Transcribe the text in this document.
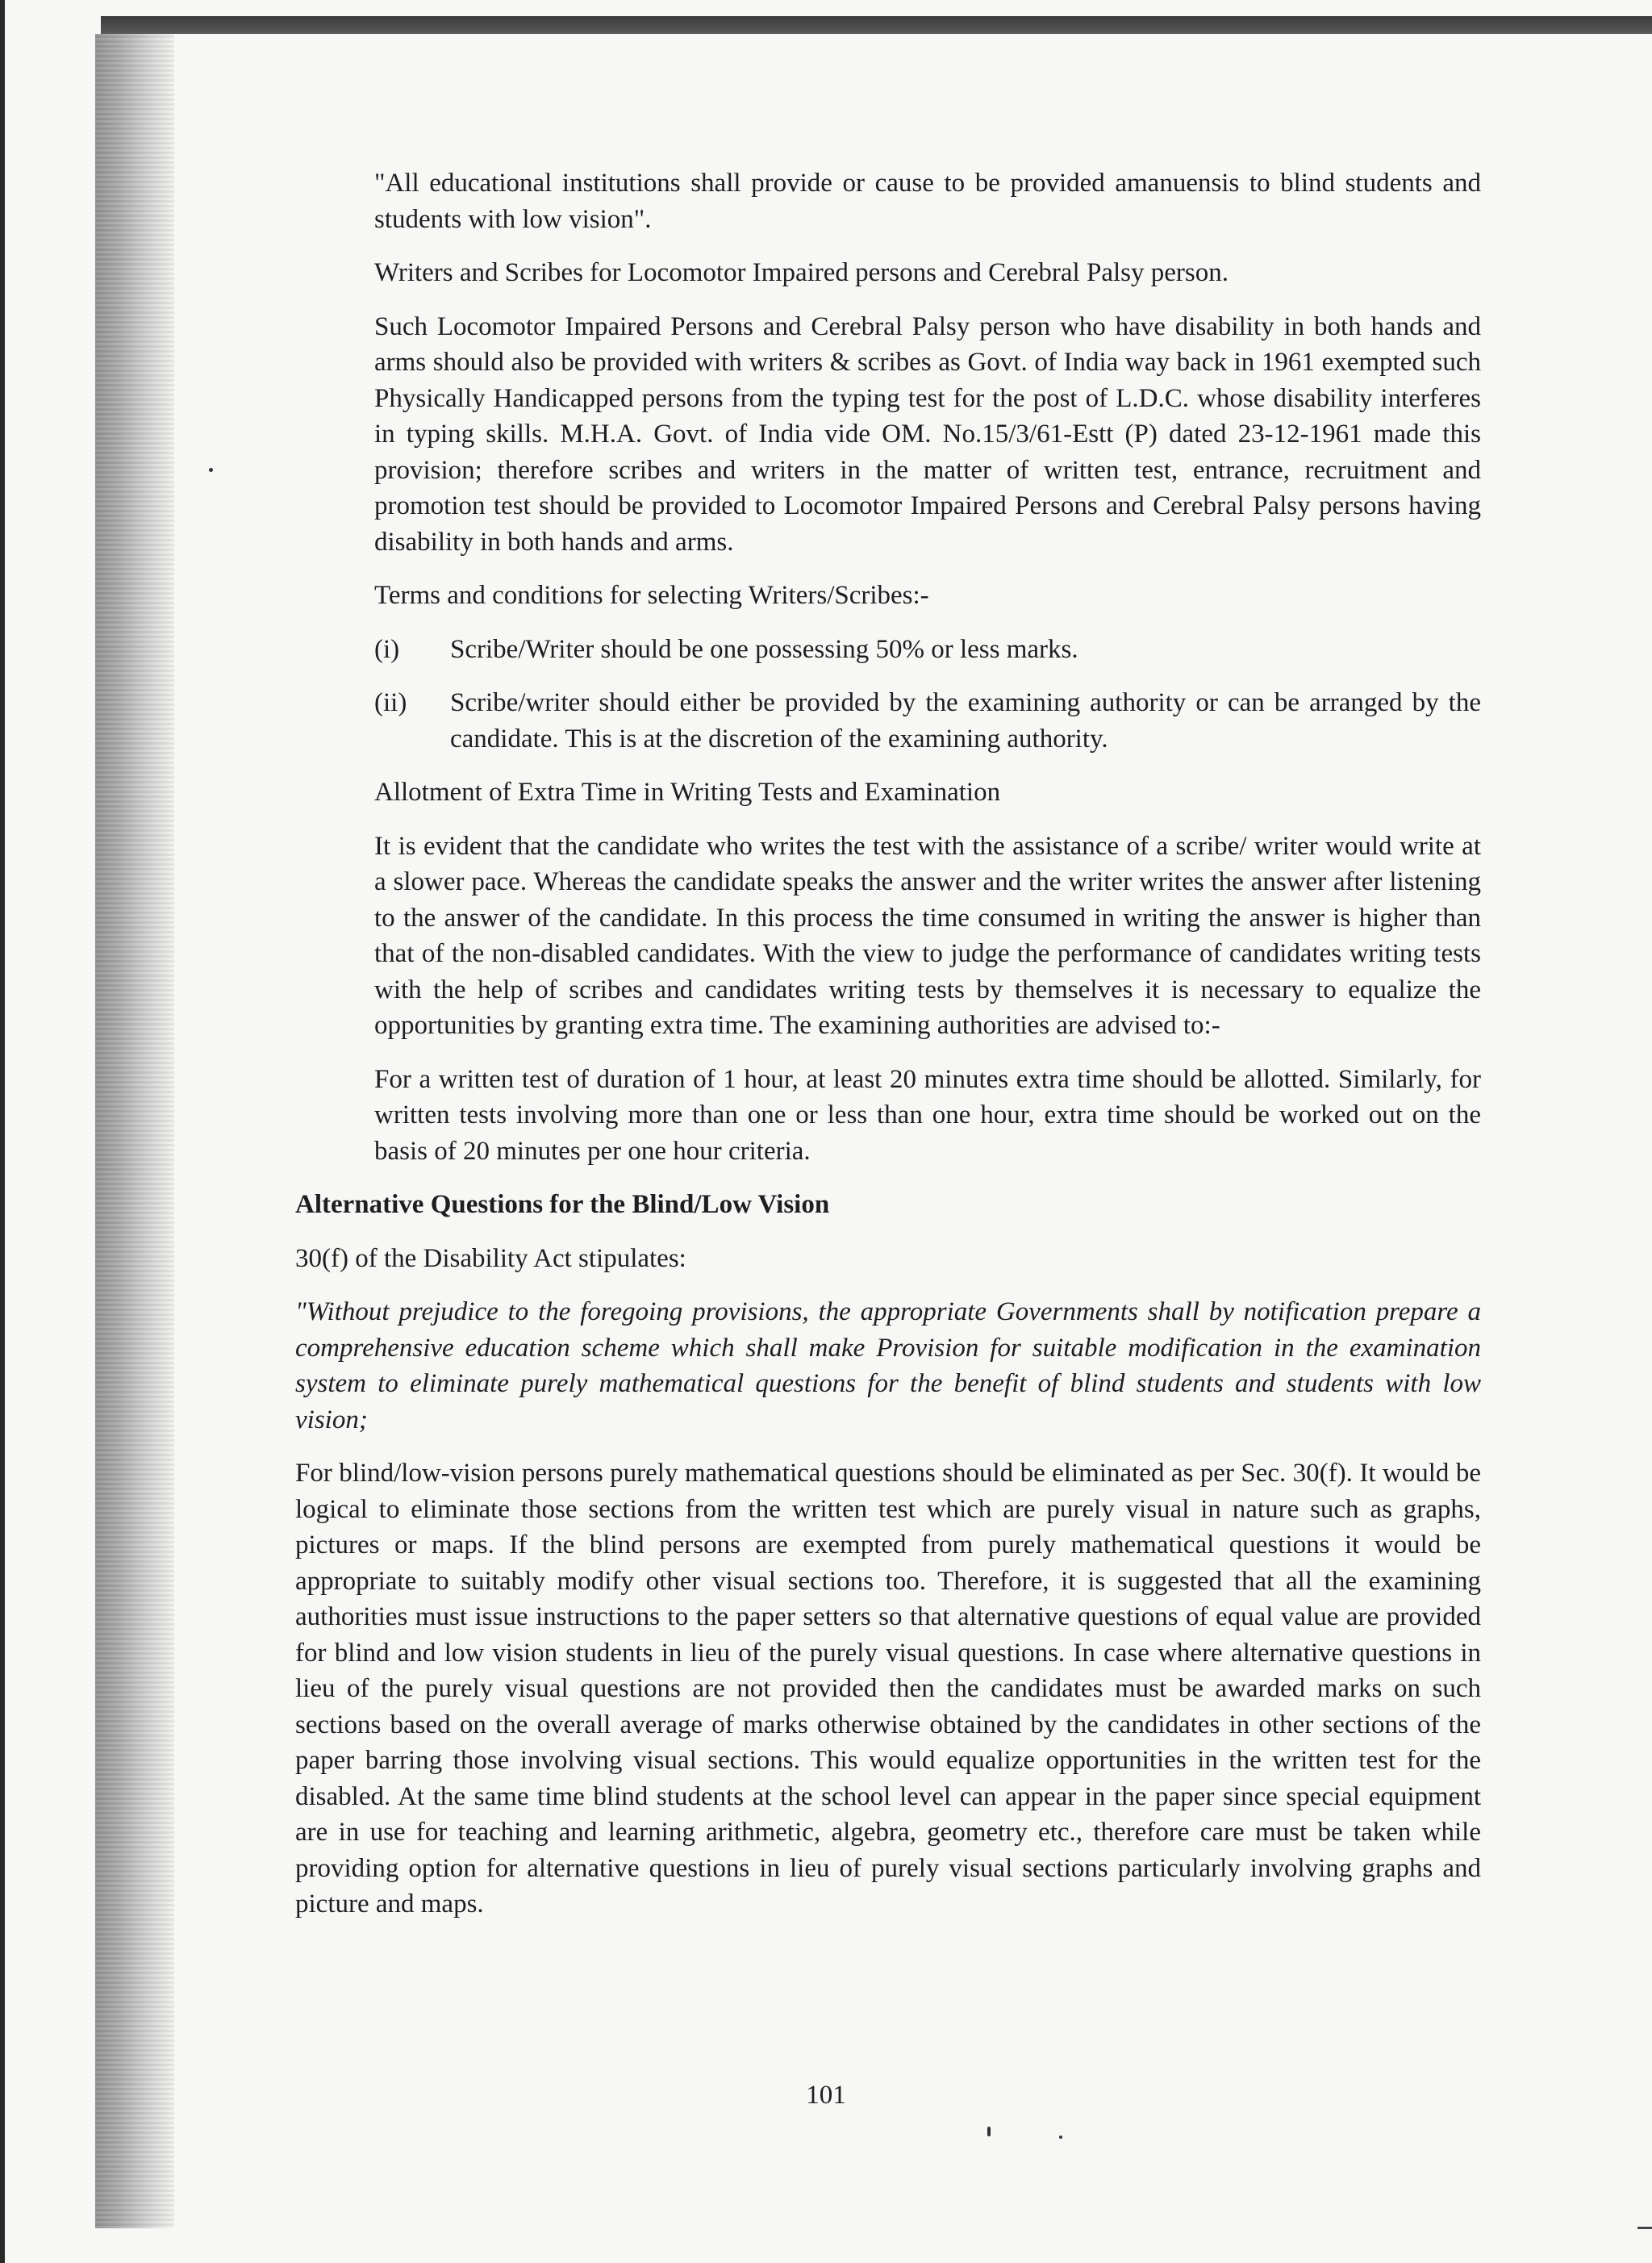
"All educational institutions shall provide or cause to be provided amanuensis to blind students and students with low vision".

Writers and Scribes for Locomotor Impaired persons and Cerebral Palsy person.

Such Locomotor Impaired Persons and Cerebral Palsy person who have disability in both hands and arms should also be provided with writers & scribes as Govt. of India way back in 1961 exempted such Physically Handicapped persons from the typing test for the post of L.D.C. whose disability interferes in typing skills. M.H.A. Govt. of India vide OM. No.15/3/61-Estt (P) dated 23-12-1961 made this provision; therefore scribes and writers in the matter of written test, entrance, recruitment and promotion test should be provided to Locomotor Impaired Persons and Cerebral Palsy persons having disability in both hands and arms.

Terms and conditions for selecting Writers/Scribes:-

(i) Scribe/Writer should be one possessing 50% or less marks.
(ii) Scribe/writer should either be provided by the examining authority or can be arranged by the candidate. This is at the discretion of the examining authority.

Allotment of Extra Time in Writing Tests and Examination

It is evident that the candidate who writes the test with the assistance of a scribe/ writer would write at a slower pace. Whereas the candidate speaks the answer and the writer writes the answer after listening to the answer of the candidate. In this process the time consumed in writing the answer is higher than that of the non-disabled candidates. With the view to judge the performance of candidates writing tests with the help of scribes and candidates writing tests by themselves it is necessary to equalize the opportunities by granting extra time. The examining authorities are advised to:-

For a written test of duration of 1 hour, at least 20 minutes extra time should be allotted. Similarly, for written tests involving more than one or less than one hour, extra time should be worked out on the basis of 20 minutes per one hour criteria.

Alternative Questions for the Blind/Low Vision

30(f) of the Disability Act stipulates:

"Without prejudice to the foregoing provisions, the appropriate Governments shall by notification prepare a comprehensive education scheme which shall make Provision for suitable modification in the examination system to eliminate purely mathematical questions for the benefit of blind students and students with low vision;

For blind/low-vision persons purely mathematical questions should be eliminated as per Sec. 30(f). It would be logical to eliminate those sections from the written test which are purely visual in nature such as graphs, pictures or maps. If the blind persons are exempted from purely mathematical questions it would be appropriate to suitably modify other visual sections too. Therefore, it is suggested that all the examining authorities must issue instructions to the paper setters so that alternative questions of equal value are provided for blind and low vision students in lieu of the purely visual questions. In case where alternative questions in lieu of the purely visual questions are not provided then the candidates must be awarded marks on such sections based on the overall average of marks otherwise obtained by the candidates in other sections of the paper barring those involving visual sections. This would equalize opportunities in the written test for the disabled. At the same time blind students at the school level can appear in the paper since special equipment are in use for teaching and learning arithmetic, algebra, geometry etc., therefore care must be taken while providing option for alternative questions in lieu of purely visual sections particularly involving graphs and picture and maps.

101
